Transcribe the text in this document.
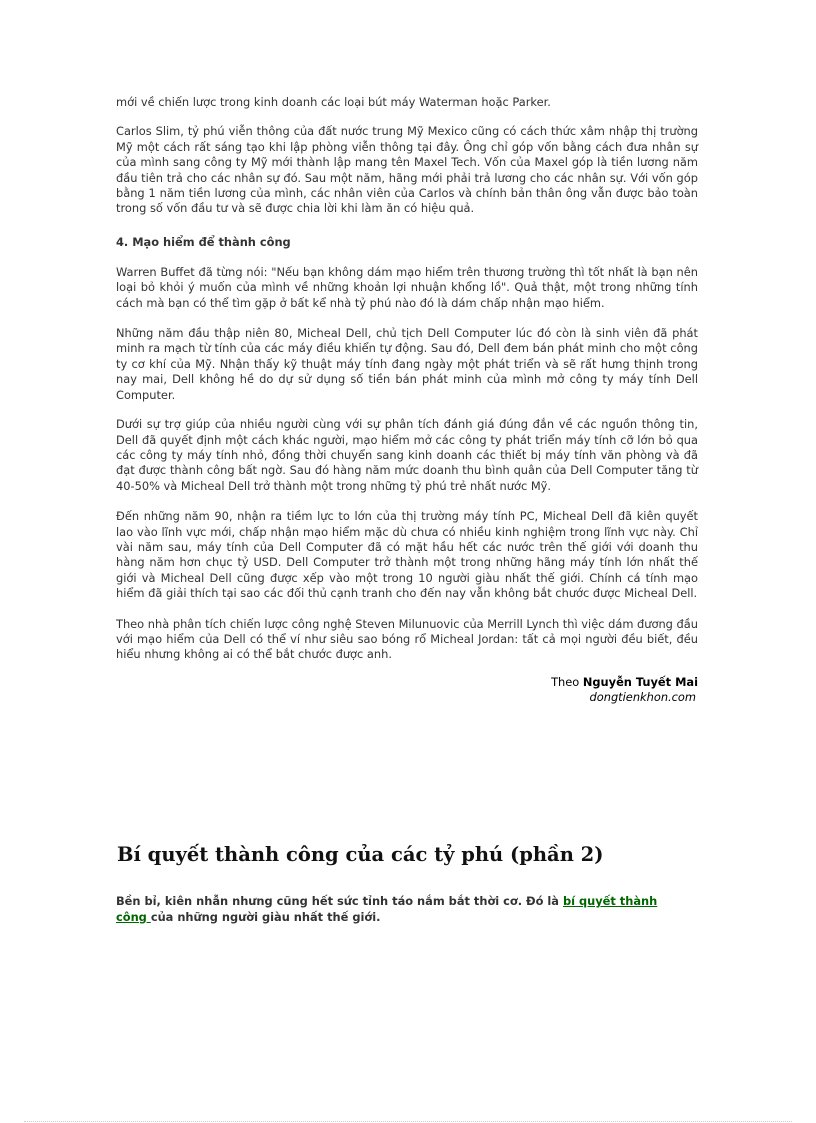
mới về chiến lược trong kinh doanh các loại bút máy Waterman hoặc Parker.

Carlos Slim, tỷ phú viễn thông của đất nước trung Mỹ Mexico cũng có cách thức xâm nhập thị trường Mỹ một cách rất sáng tạo khi lập phòng viễn thông tại đây. Ông chỉ góp vốn bằng cách đưa nhân sự của mình sang công ty Mỹ mới thành lập mang tên Maxel Tech. Vốn của Maxel góp là tiền lương năm đầu tiên trả cho các nhân sự đó. Sau một năm, hãng mới phải trả lương cho các nhân sự. Với vốn góp bằng 1 năm tiền lương của mình, các nhân viên của Carlos và chính bản thân ông vẫn được bảo toàn trong số vốn đầu tư và sẽ được chia lời khi làm ăn có hiệu quả.

4. Mạo hiểm để thành công

Warren Buffet đã từng nói: "Nếu bạn không dám mạo hiểm trên thương trường thì tốt nhất là bạn nên loại bỏ khỏi ý muốn của mình về những khoản lợi nhuận khổng lồ". Quả thật, một trong những tính cách mà bạn có thể tìm gặp ở bất kể nhà tỷ phú nào đó là dám chấp nhận mạo hiểm.

Những năm đầu thập niên 80, Micheal Dell, chủ tịch Dell Computer lúc đó còn là sinh viên đã phát minh ra mạch từ tính của các máy điều khiển tự động. Sau đó, Dell đem bán phát minh cho một công ty cơ khí của Mỹ. Nhận thấy kỹ thuật máy tính đang ngày một phát triển và sẽ rất hưng thịnh trong nay mai, Dell không hề do dự sử dụng số tiền bán phát minh của mình mở công ty máy tính Dell Computer.

Dưới sự trợ giúp của nhiều người cùng với sự phân tích đánh giá đúng đắn về các nguồn thông tin, Dell đã quyết định một cách khác người, mạo hiểm mở các công ty phát triển máy tính cỡ lớn bỏ qua các công ty máy tính nhỏ, đồng thời chuyển sang kinh doanh các thiết bị máy tính văn phòng và đã đạt được thành công bất ngờ. Sau đó hàng năm mức doanh thu bình quân của Dell Computer tăng từ 40-50% và Micheal Dell trở thành một trong những tỷ phú trẻ nhất nước Mỹ.

Đến những năm 90, nhận ra tiềm lực to lớn của thị trường máy tính PC, Micheal Dell đã kiên quyết lao vào lĩnh vực mới, chấp nhận mạo hiểm mặc dù chưa có nhiều kinh nghiệm trong lĩnh vực này. Chỉ vài năm sau, máy tính của Dell Computer đã có mặt hầu hết các nước trên thế giới với doanh thu hàng năm hơn chục tỷ USD. Dell Computer trở thành một trong những hãng máy tính lớn nhất thế giới và Micheal Dell cũng được xếp vào một trong 10 người giàu nhất thế giới. Chính cá tính mạo hiểm đã giải thích tại sao các đối thủ cạnh tranh cho đến nay vẫn không bắt chước được Micheal Dell.

Theo nhà phân tích chiến lược công nghệ Steven Milunuovic của Merrill Lynch thì việc dám đương đầu với mạo hiểm của Dell có thể ví như siêu sao bóng rổ Micheal Jordan: tất cả mọi người đều biết, đều hiểu nhưng không ai có thể bắt chước được anh.

Theo Nguyễn Tuyết Mai
dongtienkhon.com
Bí quyết thành công của các tỷ phú (phần 2)

Bền bỉ, kiên nhẫn nhưng cũng hết sức tỉnh táo nắm bắt thời cơ. Đó là bí quyết thành công của những người giàu nhất thế giới.
